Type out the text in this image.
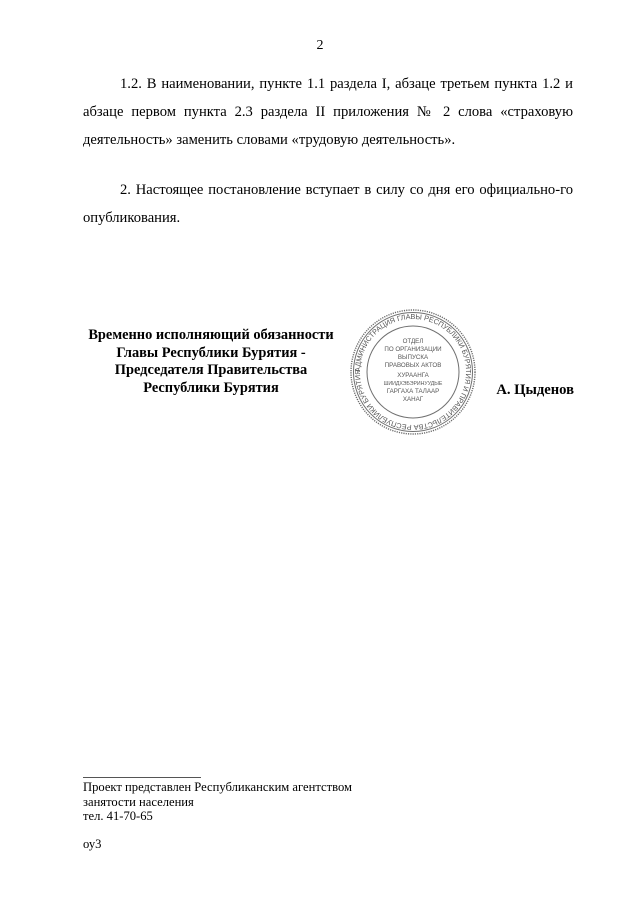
2

1.2. В наименовании, пункте 1.1 раздела I, абзаце третьем пункта 1.2 и абзаце первом пункта 2.3 раздела II приложения № 2 слова «страховую деятельность» заменить словами «трудовую деятельность».

2. Настоящее постановление вступает в силу со дня его официально-го опубликования.

Временно исполняющий обязанности
Главы Республики Бурятия -
Председателя Правительства
Республики Бурятия
АДМИНИСТРАЦИЯ ГЛАВЫ РЕСПУБЛИКИ БУРЯТИЯ И ПРАВИТЕЛЬСТВА РЕСПУБЛИКИ БУРЯТИЯ
ОТДЕЛ
ПО ОРГАНИЗАЦИИ
ВЫПУСКА
ПРАВОВЫХ АКТОВ
ХУРААНГА
ШИИДХЭБЭРИНУУДЫЕ
ГАРГАХА ТАЛААР
ХАНАГ
А. Цыденов
Проект представлен Республиканским агентством
занятости населения
тел. 41-70-65
оу3
